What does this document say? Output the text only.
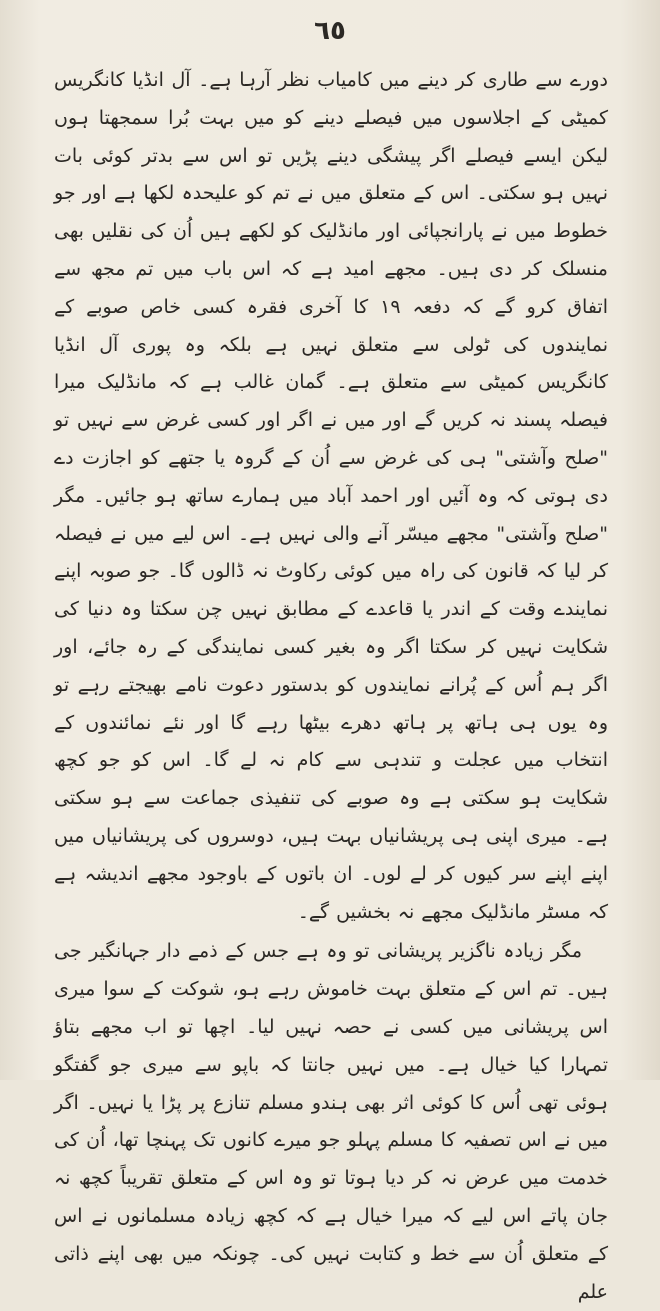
٦٥

دورے سے طاری کر دینے میں کامیاب نظر آرہا ہے۔ آل انڈیا کانگریس کمیٹی کے اجلاسوں میں فیصلے دینے کو میں بہت بُرا سمجھتا ہوں لیکن ایسے فیصلے اگر پیشگی دینے پڑیں تو اس سے بدتر کوئی بات نہیں ہو سکتی۔ اس کے متعلق میں نے تم کو علیحدہ لکھا ہے اور جو خطوط میں نے پارانجپائی اور مانڈلیک کو لکھے ہیں اُن کی نقلیں بھی منسلک کر دی ہیں۔ مجھے امید ہے کہ اس باب میں تم مجھ سے اتفاق کرو گے کہ دفعہ ۱۹ کا آخری فقرہ کسی خاص صوبے کے نمایندوں کی ٹولی سے متعلق نہیں ہے بلکہ وہ پوری آل انڈیا کانگریس کمیٹی سے متعلق ہے۔ گمان غالب ہے کہ مانڈلیک میرا فیصلہ پسند نہ کریں گے اور میں نے اگر اور کسی غرض سے نہیں تو "صلح وآشتی" ہی کی غرض سے اُن کے گروہ یا جتھے کو اجازت دے دی ہوتی کہ وہ آئیں اور احمد آباد میں ہمارے ساتھ ہو جائیں۔ مگر "صلح وآشتی" مجھے میسّر آنے والی نہیں ہے۔ اس لیے میں نے فیصلہ کر لیا کہ قانون کی راہ میں کوئی رکاوٹ نہ ڈالوں گا۔ جو صوبہ اپنے نمایندے وقت کے اندر یا قاعدے کے مطابق نہیں چن سکتا وہ دنیا کی شکایت نہیں کر سکتا اگر وہ بغیر کسی نمایندگی کے رہ جائے، اور اگر ہم اُس کے پُرانے نمایندوں کو بدستور دعوت نامے بھیجتے رہے تو وہ یوں ہی ہاتھ پر ہاتھ دھرے بیٹھا رہے گا اور نئے نمائندوں کے انتخاب میں عجلت و تندہی سے کام نہ لے گا۔ اس کو جو کچھ شکایت ہو سکتی ہے وہ صوبے کی تنفیذی جماعت سے ہو سکتی ہے۔ میری اپنی ہی پریشانیاں بہت ہیں، دوسروں کی پریشانیاں میں اپنے اپنے سر کیوں کر لے لوں۔ ان باتوں کے باوجود مجھے اندیشہ ہے کہ مسٹر مانڈلیک مجھے نہ بخشیں گے۔

مگر زیادہ ناگزیر پریشانی تو وہ ہے جس کے ذمے دار جہانگیر جی ہیں۔ تم اس کے متعلق بہت خاموش رہے ہو، شوکت کے سوا میری اس پریشانی میں کسی نے حصہ نہیں لیا۔ اچھا تو اب مجھے بتاؤ تمہارا کیا خیال ہے۔ میں نہیں جانتا کہ باپو سے میری جو گفتگو ہوئی تھی اُس کا کوئی اثر بھی ہندو مسلم تنازع پر پڑا یا نہیں۔ اگر میں نے اس تصفیہ کا مسلم پہلو جو میرے کانوں تک پہنچا تھا، اُن کی خدمت میں عرض نہ کر دیا ہوتا تو وہ اس کے متعلق تقریباً کچھ نہ جان پاتے اس لیے کہ میرا خیال ہے کہ کچھ زیادہ مسلمانوں نے اس کے متعلق اُن سے خط و کتابت نہیں کی۔ چونکہ میں بھی اپنے ذاتی علم
